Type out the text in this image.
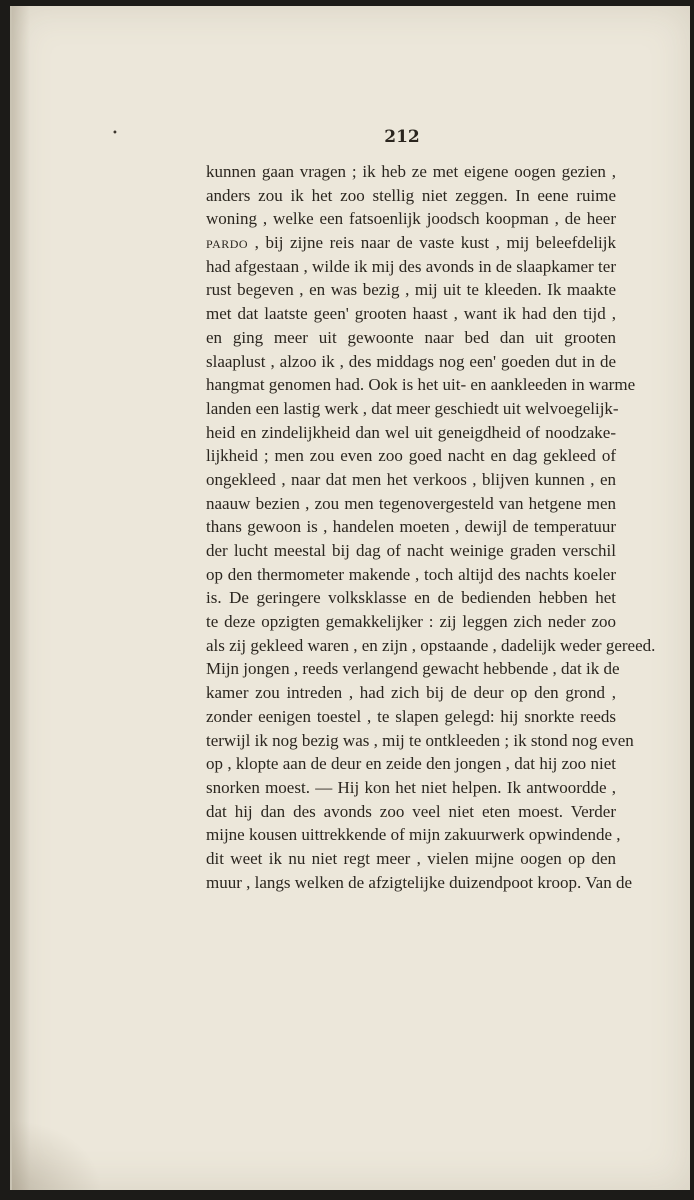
•	212
kunnen gaan vragen ; ik heb ze met eigene oogen gezien ,
anders zou ik het zoo stellig niet zeggen. In eene ruime
woning , welke een fatsoenlijk joodsch koopman , de heer
PARDO , bij zijne reis naar de vaste kust , mij beleefdelijk
had afgestaan , wilde ik mij des avonds in de slaapkamer ter
rust begeven , en was bezig , mij uit te kleeden. Ik maakte
met dat laatste geen' grooten haast , want ik had den tijd ,
en ging meer uit gewoonte naar bed dan uit grooten
slaaplust , alzoo ik , des middags nog een' goeden dut in de
hangmat genomen had. Ook is het uit- en aankleeden in warme
landen een lastig werk , dat meer geschiedt uit welvoegelijk-
heid en zindelijkheid dan wel uit geneigdheid of noodzake-
lijkheid ; men zou even zoo goed nacht en dag gekleed of
ongekleed , naar dat men het verkoos , blijven kunnen , en
naauw bezien , zou men tegenovergesteld van hetgene men
thans gewoon is , handelen moeten , dewijl de temperatuur
der lucht meestal bij dag of nacht weinige graden verschil
op den thermometer makende , toch altijd des nachts koeler
is. De geringere volksklasse en de bedienden hebben het
te deze opzigten gemakkelijker : zij leggen zich neder zoo
als zij gekleed waren , en zijn , opstaande , dadelijk weder gereed.
Mijn jongen , reeds verlangend gewacht hebbende , dat ik de
kamer zou intreden , had zich bij de deur op den grond ,
zonder eenigen toestel , te slapen gelegd: hij snorkte reeds
terwijl ik nog bezig was , mij te ontkleeden ; ik stond nog even
op , klopte aan de deur en zeide den jongen , dat hij zoo niet
snorken moest. — Hij kon het niet helpen. Ik antwoordde ,
dat hij dan des avonds zoo veel niet eten moest. Verder
mijne kousen uittrekkende of mijn zakuurwerk opwindende ,
dit weet ik nu niet regt meer , vielen mijne oogen op den
muur , langs welken de afzigtelijke duizendpoot kroop. Van de
